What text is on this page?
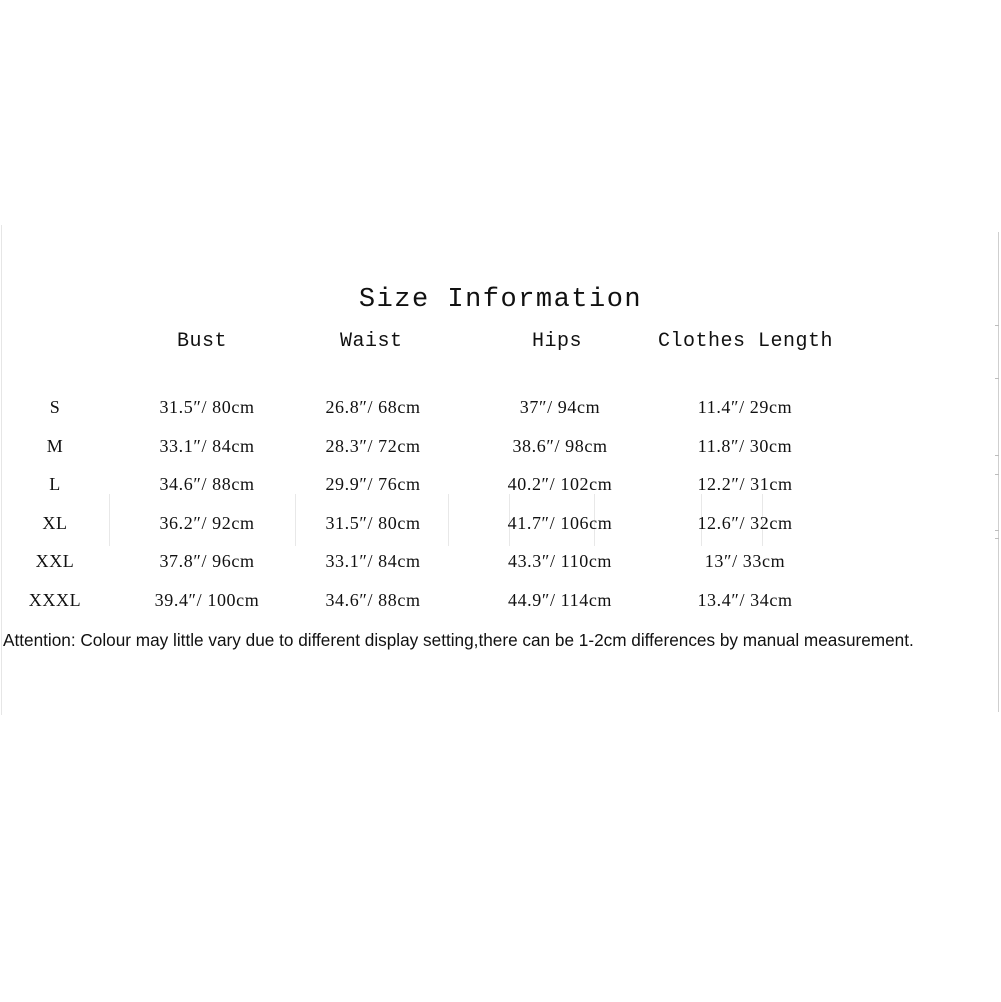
Size Information
Bust	Waist	Hips	Clothes Length
S	31.5″/ 80cm	26.8″/ 68cm	37″/ 94cm	11.4″/ 29cm
M	33.1″/ 84cm	28.3″/ 72cm	38.6″/ 98cm	11.8″/ 30cm
L	34.6″/ 88cm	29.9″/ 76cm	40.2″/ 102cm	12.2″/ 31cm
XL	36.2″/ 92cm	31.5″/ 80cm	41.7″/ 106cm	12.6″/ 32cm
XXL	37.8″/ 96cm	33.1″/ 84cm	43.3″/ 110cm	13″/ 33cm
XXXL	39.4″/ 100cm	34.6″/ 88cm	44.9″/ 114cm	13.4″/ 34cm
Attention: Colour may little vary due to different display setting,there can be 1-2cm differences by manual measurement.
